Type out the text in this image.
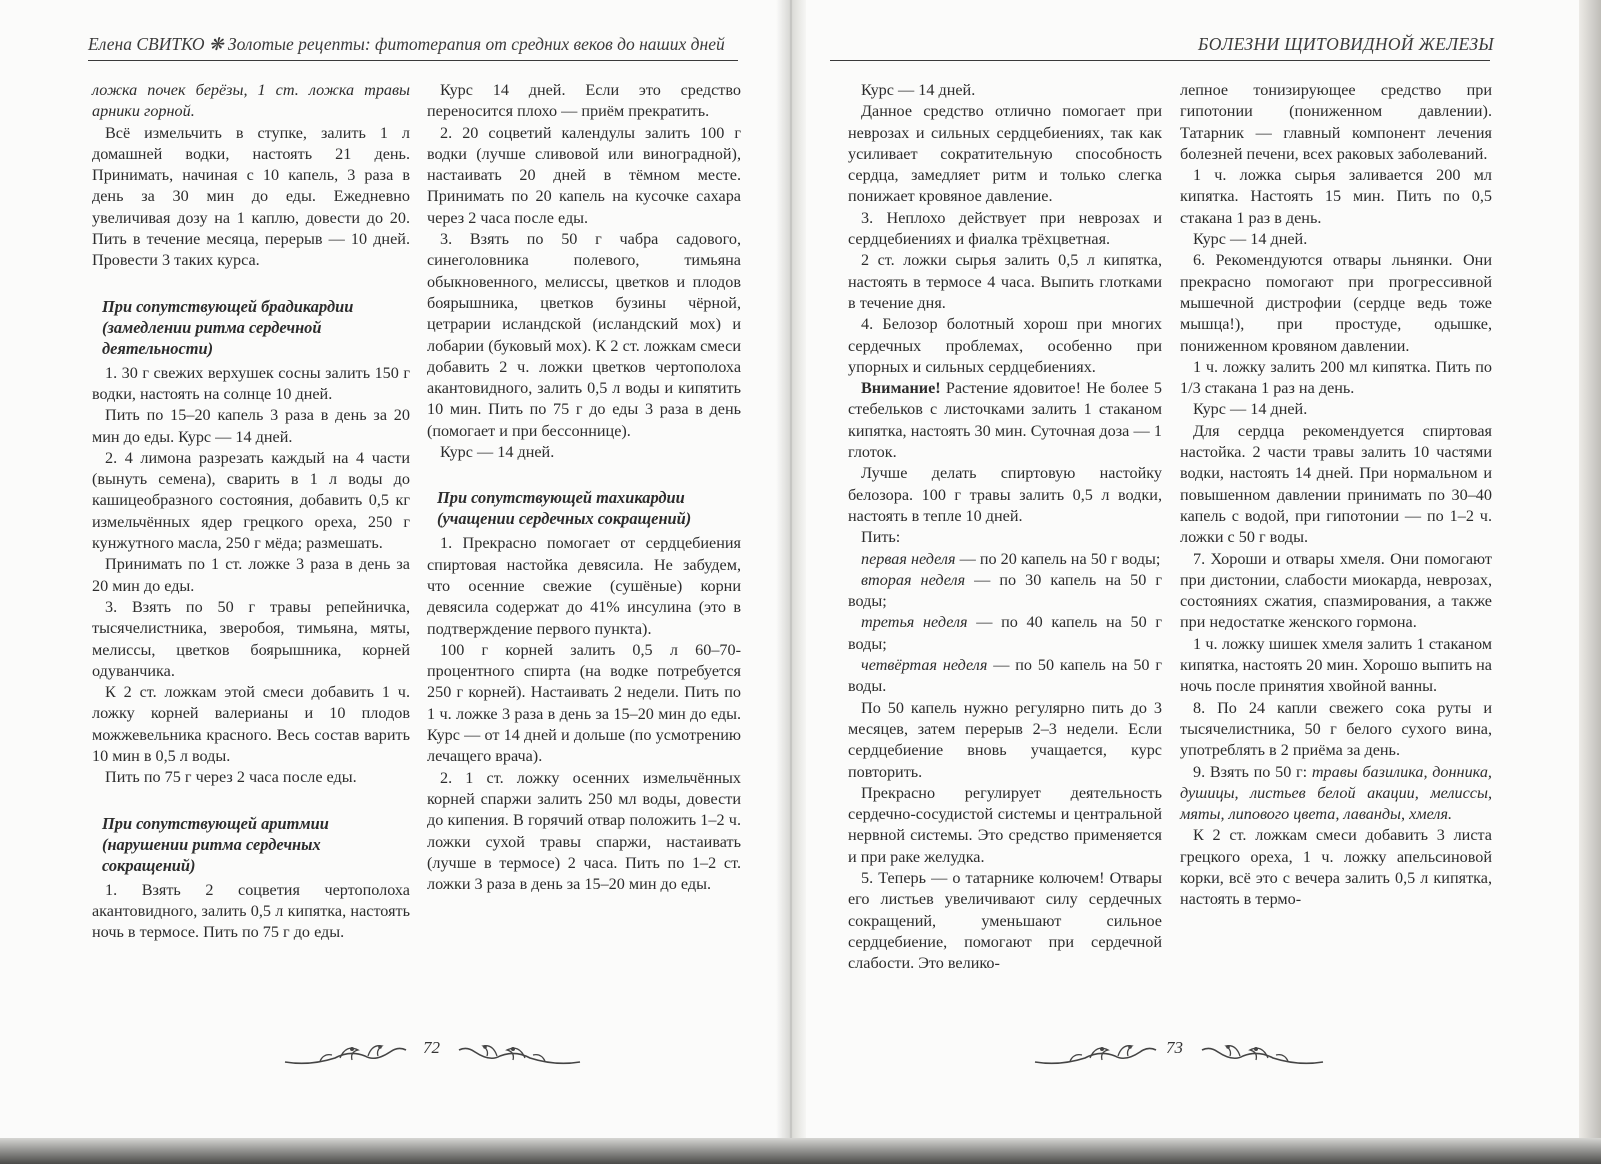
Елена СВИТКО ❋ Золотые рецепты: фитотерапия от средних веков до наших дней

ложка почек берёзы, 1 ст. ложка травы арники горной.

Всё измельчить в ступке, залить 1 л домашней водки, настоять 21 день. Принимать, начиная с 10 капель, 3 раза в день за 30 мин до еды. Ежедневно увеличивая дозу на 1 каплю, довести до 20. Пить в течение месяца, перерыв — 10 дней. Провести 3 таких курса.

При сопутствующей брадикардии (замедлении ритма сердечной деятельности)

1. 30 г свежих верхушек сосны залить 150 г водки, настоять на солнце 10 дней.

Пить по 15–20 капель 3 раза в день за 20 мин до еды. Курс — 14 дней.

2. 4 лимона разрезать каждый на 4 части (вынуть семена), сварить в 1 л воды до кашицеобразного состояния, добавить 0,5 кг измельчённых ядер грецкого ореха, 250 г кунжутного масла, 250 г мёда; размешать.

Принимать по 1 ст. ложке 3 раза в день за 20 мин до еды.

3. Взять по 50 г травы репейничка, тысячелистника, зверобоя, тимьяна, мяты, мелиссы, цветков боярышника, корней одуванчика.

К 2 ст. ложкам этой смеси добавить 1 ч. ложку корней валерианы и 10 плодов можжевельника красного. Весь состав варить 10 мин в 0,5 л воды.

Пить по 75 г через 2 часа после еды.

При сопутствующей аритмии (нарушении ритма сердечных сокращений)

1. Взять 2 соцветия чертополоха акантовидного, залить 0,5 л кипятка, настоять ночь в термосе. Пить по 75 г до еды.

Курс 14 дней. Если это средство переносится плохо — приём прекратить.

2. 20 соцветий календулы залить 100 г водки (лучше сливовой или виноградной), настаивать 20 дней в тёмном месте. Принимать по 20 капель на кусочке сахара через 2 часа после еды.

3. Взять по 50 г чабра садового, синеголовника полевого, тимьяна обыкновенного, мелиссы, цветков и плодов боярышника, цветков бузины чёрной, цетрарии исландской (исландский мох) и лобарии (буковый мох). К 2 ст. ложкам смеси добавить 2 ч. ложки цветков чертополоха акантовидного, залить 0,5 л воды и кипятить 10 мин. Пить по 75 г до еды 3 раза в день (помогает и при бессоннице).

Курс — 14 дней.

При сопутствующей тахикардии (учащении сердечных сокращений)

1. Прекрасно помогает от сердцебиения спиртовая настойка девясила. Не забудем, что осенние свежие (сушёные) корни девясила содержат до 41% инсулина (это в подтверждение первого пункта).

100 г корней залить 0,5 л 60–70-процентного спирта (на водке потребуется 250 г корней). Настаивать 2 недели. Пить по 1 ч. ложке 3 раза в день за 15–20 мин до еды. Курс — от 14 дней и дольше (по усмотрению лечащего врача).

2. 1 ст. ложку осенних измельчённых корней спаржи залить 250 мл воды, довести до кипения. В горячий отвар положить 1–2 ч. ложки сухой травы спаржи, настаивать (лучше в термосе) 2 часа. Пить по 1–2 ст. ложки 3 раза в день за 15–20 мин до еды.

72
БОЛЕЗНИ ЩИТОВИДНОЙ ЖЕЛЕЗЫ

Курс — 14 дней.

Данное средство отлично помогает при неврозах и сильных сердцебиениях, так как усиливает сократительную способность сердца, замедляет ритм и только слегка понижает кровяное давление.

3. Неплохо действует при неврозах и сердцебиениях и фиалка трёхцветная.

2 ст. ложки сырья залить 0,5 л кипятка, настоять в термосе 4 часа. Выпить глотками в течение дня.

4. Белозор болотный хорош при многих сердечных проблемах, особенно при упорных и сильных сердцебиениях.

Внимание! Растение ядовитое! Не более 5 стебельков с листочками залить 1 стаканом кипятка, настоять 30 мин. Суточная доза — 1 глоток.

Лучше делать спиртовую настойку белозора. 100 г травы залить 0,5 л водки, настоять в тепле 10 дней.

Пить:

первая неделя — по 20 капель на 50 г воды;

вторая неделя — по 30 капель на 50 г воды;

третья неделя — по 40 капель на 50 г воды;

четвёртая неделя — по 50 капель на 50 г воды.

По 50 капель нужно регулярно пить до 3 месяцев, затем перерыв 2–3 недели. Если сердцебиение вновь учащается, курс повторить.

Прекрасно регулирует деятельность сердечно-сосудистой системы и центральной нервной системы. Это средство применяется и при раке желудка.

5. Теперь — о татарнике колючем! Отвары его листьев увеличивают силу сердечных сокращений, уменьшают сильное сердцебиение, помогают при сердечной слабости. Это велико-

лепное тонизирующее средство при гипотонии (пониженном давлении). Татарник — главный компонент лечения болезней печени, всех раковых заболеваний.

1 ч. ложка сырья заливается 200 мл кипятка. Настоять 15 мин. Пить по 0,5 стакана 1 раз в день.

Курс — 14 дней.

6. Рекомендуются отвары льнянки. Они прекрасно помогают при прогрессивной мышечной дистрофии (сердце ведь тоже мышца!), при простуде, одышке, пониженном кровяном давлении.

1 ч. ложку залить 200 мл кипятка. Пить по 1/3 стакана 1 раз на день.

Курс — 14 дней.

Для сердца рекомендуется спиртовая настойка. 2 части травы залить 10 частями водки, настоять 14 дней. При нормальном и повышенном давлении принимать по 30–40 капель с водой, при гипотонии — по 1–2 ч. ложки с 50 г воды.

7. Хороши и отвары хмеля. Они помогают при дистонии, слабости миокарда, неврозах, состояниях сжатия, спазмирования, а также при недостатке женского гормона.

1 ч. ложку шишек хмеля залить 1 стаканом кипятка, настоять 20 мин. Хорошо выпить на ночь после принятия хвойной ванны.

8. По 24 капли свежего сока руты и тысячелистника, 50 г белого сухого вина, употреблять в 2 приёма за день.

9. Взять по 50 г: травы базилика, донника, душицы, листьев белой акации, мелиссы, мяты, липового цвета, лаванды, хмеля.

К 2 ст. ложкам смеси добавить 3 листа грецкого ореха, 1 ч. ложку апельсиновой корки, всё это с вечера залить 0,5 л кипятка, настоять в термо-

73
